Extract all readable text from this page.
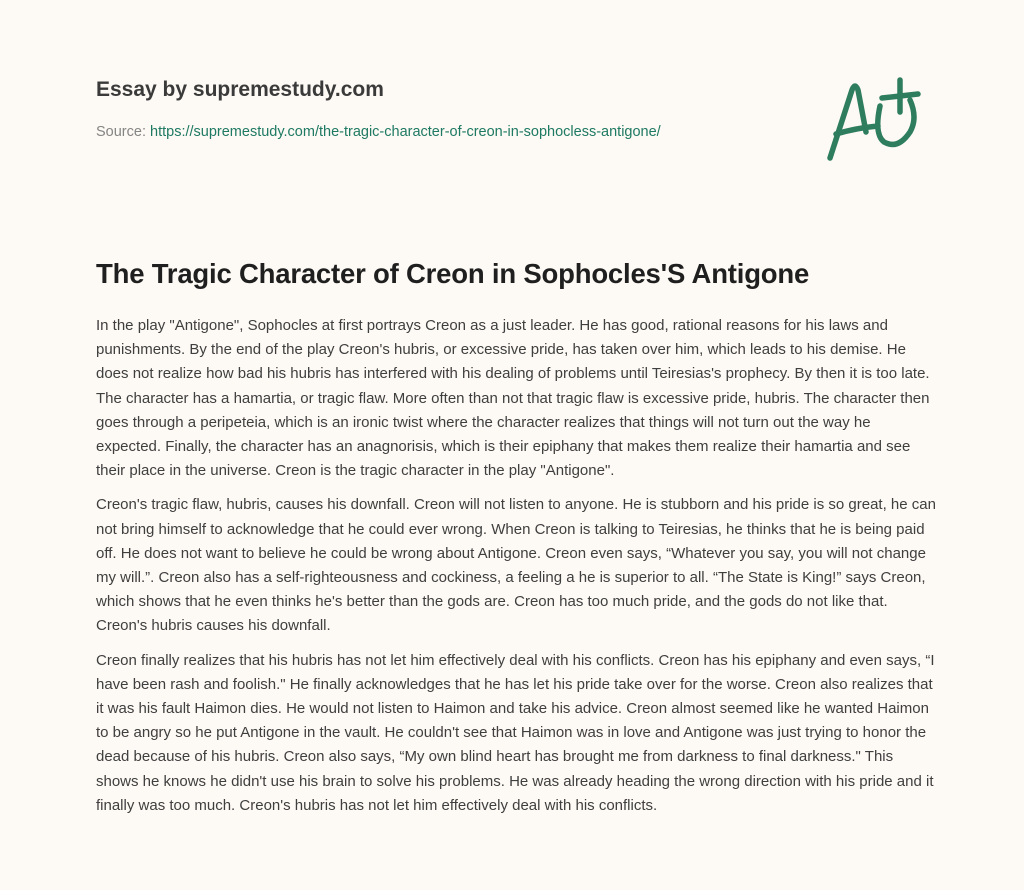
Essay by supremestudy.com
Source: https://supremestudy.com/the-tragic-character-of-creon-in-sophocless-antigone/
The Tragic Character of Creon in Sophocles'S Antigone

In the play "Antigone", Sophocles at first portrays Creon as a just leader. He has good, rational reasons for his laws and punishments. By the end of the play Creon's hubris, or excessive pride, has taken over him, which leads to his demise. He does not realize how bad his hubris has interfered with his dealing of problems until Teiresias's prophecy. By then it is too late. The character has a hamartia, or tragic flaw. More often than not that tragic flaw is excessive pride, hubris. The character then goes through a peripeteia, which is an ironic twist where the character realizes that things will not turn out the way he expected. Finally, the character has an anagnorisis, which is their epiphany that makes them realize their hamartia and see their place in the universe. Creon is the tragic character in the play "Antigone".

Creon's tragic flaw, hubris, causes his downfall. Creon will not listen to anyone. He is stubborn and his pride is so great, he can not bring himself to acknowledge that he could ever wrong. When Creon is talking to Teiresias, he thinks that he is being paid off. He does not want to believe he could be wrong about Antigone. Creon even says, “Whatever you say, you will not change my will.”. Creon also has a self-righteousness and cockiness, a feeling a he is superior to all. “The State is King!” says Creon, which shows that he even thinks he's better than the gods are. Creon has too much pride, and the gods do not like that. Creon's hubris causes his downfall.

Creon finally realizes that his hubris has not let him effectively deal with his conflicts. Creon has his epiphany and even says, “I have been rash and foolish." He finally acknowledges that he has let his pride take over for the worse. Creon also realizes that it was his fault Haimon dies. He would not listen to Haimon and take his advice. Creon almost seemed like he wanted Haimon to be angry so he put Antigone in the vault. He couldn't see that Haimon was in love and Antigone was just trying to honor the dead because of his hubris. Creon also says, “My own blind heart has brought me from darkness to final darkness." This shows he knows he didn't use his brain to solve his problems. He was already heading the wrong direction with his pride and it finally was too much. Creon's hubris has not let him effectively deal with his conflicts.
